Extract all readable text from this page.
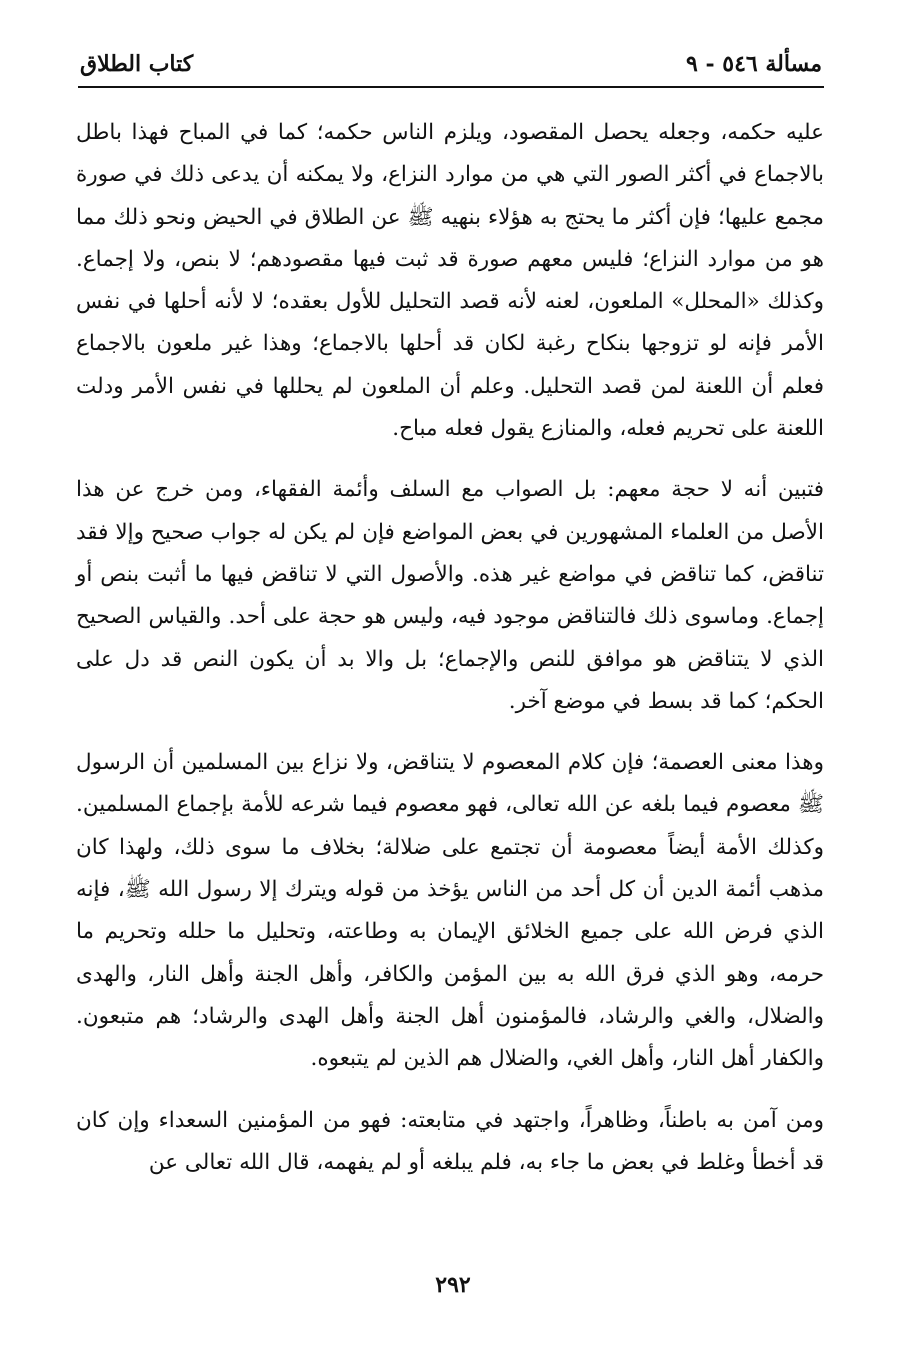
مسألة ٥٤٦ - ٩
كتاب الطلاق

عليه حكمه، وجعله يحصل المقصود، ويلزم الناس حكمه؛ كما في المباح فهذا باطل بالاجماع في أكثر الصور التي هي من موارد النزاع، ولا يمكنه أن يدعى ذلك في صورة مجمع عليها؛ فإن أكثر ما يحتج به هؤلاء بنهيه ﷺ عن الطلاق في الحيض ونحو ذلك مما هو من موارد النزاع؛ فليس معهم صورة قد ثبت فيها مقصودهم؛ لا بنص، ولا إجماع. وكذلك «المحلل» الملعون، لعنه لأنه قصد التحليل للأول بعقده؛ لا لأنه أحلها في نفس الأمر فإنه لو تزوجها بنكاح رغبة لكان قد أحلها بالاجماع؛ وهذا غير ملعون بالاجماع فعلم أن اللعنة لمن قصد التحليل. وعلم أن الملعون لم يحللها في نفس الأمر ودلت اللعنة على تحريم فعله، والمنازع يقول فعله مباح.

فتبين أنه لا حجة معهم: بل الصواب مع السلف وأئمة الفقهاء، ومن خرج عن هذا الأصل من العلماء المشهورين في بعض المواضع فإن لم يكن له جواب صحيح وإلا فقد تناقض، كما تناقض في مواضع غير هذه. والأصول التي لا تناقض فيها ما أثبت بنص أو إجماع. وماسوى ذلك فالتناقض موجود فيه، وليس هو حجة على أحد. والقياس الصحيح الذي لا يتناقض هو موافق للنص والإجماع؛ بل والا بد أن يكون النص قد دل على الحكم؛ كما قد بسط في موضع آخر.

وهذا معنى العصمة؛ فإن كلام المعصوم لا يتناقض، ولا نزاع بين المسلمين أن الرسول ﷺ معصوم فيما بلغه عن الله تعالى، فهو معصوم فيما شرعه للأمة بإجماع المسلمين. وكذلك الأمة أيضاً معصومة أن تجتمع على ضلالة؛ بخلاف ما سوى ذلك، ولهذا كان مذهب أئمة الدين أن كل أحد من الناس يؤخذ من قوله ويترك إلا رسول الله ﷺ، فإنه الذي فرض الله على جميع الخلائق الإيمان به وطاعته، وتحليل ما حلله وتحريم ما حرمه، وهو الذي فرق الله به بين المؤمن والكافر، وأهل الجنة وأهل النار، والهدى والضلال، والغي والرشاد، فالمؤمنون أهل الجنة وأهل الهدى والرشاد؛ هم متبعون. والكفار أهل النار، وأهل الغي، والضلال هم الذين لم يتبعوه.

ومن آمن به باطناً، وظاهراً، واجتهد في متابعته: فهو من المؤمنين السعداء وإن كان قد أخطأ وغلط في بعض ما جاء به، فلم يبلغه أو لم يفهمه، قال الله تعالى عن

٢٩٢
